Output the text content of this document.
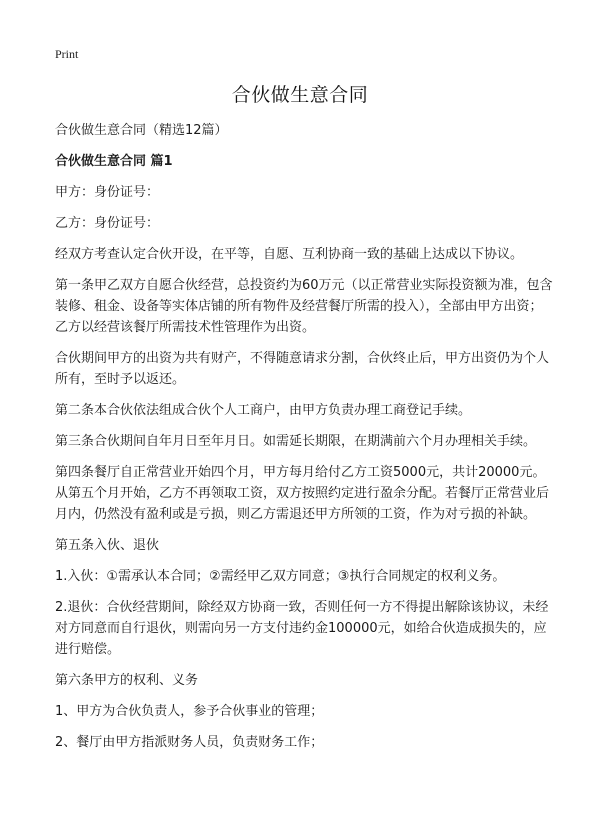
Print
合伙做生意合同

合伙做生意合同（精选12篇）

合伙做生意合同 篇1

甲方：身份证号：

乙方：身份证号：

经双方考查认定合伙开设，在平等，自愿、互利协商一致的基础上达成以下协议。

第一条甲乙双方自愿合伙经营，总投资约为60万元（以正常营业实际投资额为准，包含装修、租金、设备等实体店铺的所有物件及经营餐厅所需的投入），全部由甲方出资；乙方以经营该餐厅所需技术性管理作为出资。

合伙期间甲方的出资为共有财产，不得随意请求分割，合伙终止后，甲方出资仍为个人所有，至时予以返还。

第二条本合伙依法组成合伙个人工商户，由甲方负责办理工商登记手续。

第三条合伙期间自年月日至年月日。如需延长期限，在期满前六个月办理相关手续。

第四条餐厅自正常营业开始四个月，甲方每月给付乙方工资5000元，共计20000元。从第五个月开始，乙方不再领取工资，双方按照约定进行盈余分配。若餐厅正常营业后月内，仍然没有盈利或是亏损，则乙方需退还甲方所领的工资，作为对亏损的补缺。

第五条入伙、退伙

1.入伙：①需承认本合同；②需经甲乙双方同意；③执行合同规定的权利义务。

2.退伙：合伙经营期间，除经双方协商一致，否则任何一方不得提出解除该协议，未经对方同意而自行退伙，则需向另一方支付违约金100000元，如给合伙造成损失的，应进行赔偿。

第六条甲方的权利、义务

1、甲方为合伙负责人，参予合伙事业的管理；

2、餐厅由甲方指派财务人员，负责财务工作；
